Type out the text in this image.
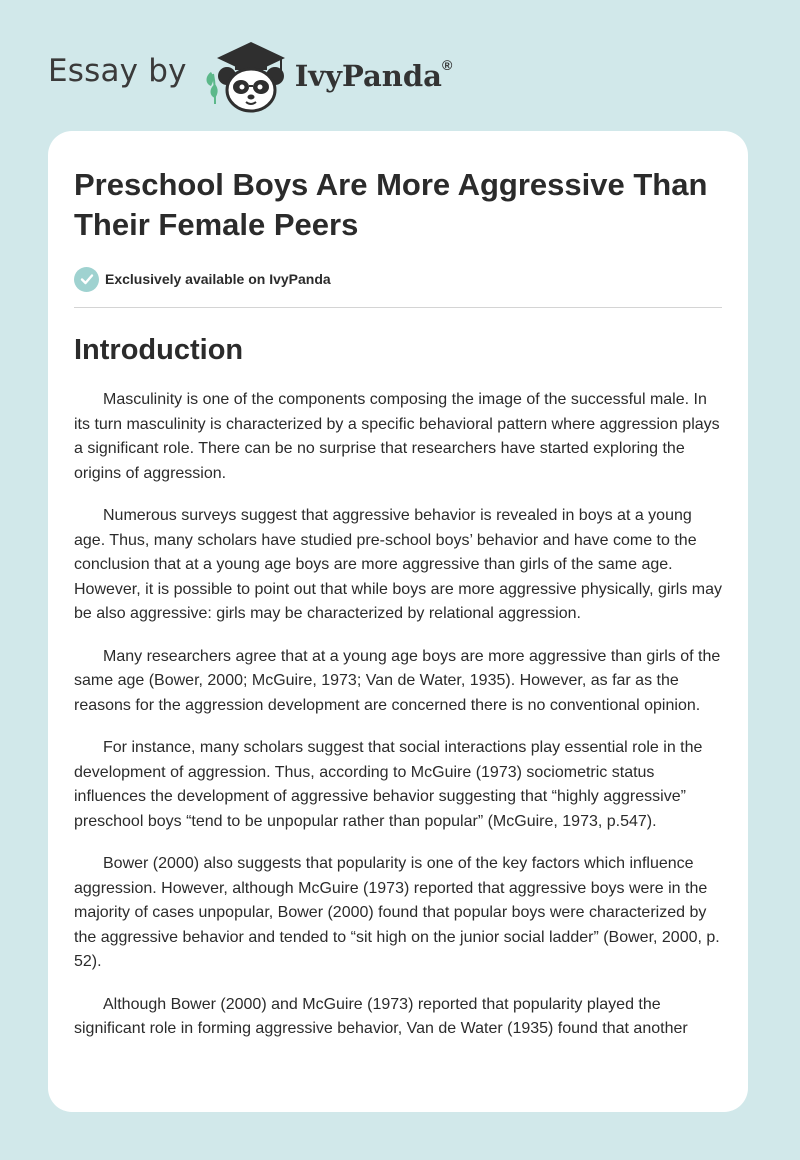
Essay by	IvyPanda®
Preschool Boys Are More Aggressive Than Their Female Peers
Exclusively available on IvyPanda
Introduction

Masculinity is one of the components composing the image of the successful male. In its turn masculinity is characterized by a specific behavioral pattern where aggression plays a significant role. There can be no surprise that researchers have started exploring the origins of aggression.

Numerous surveys suggest that aggressive behavior is revealed in boys at a young age. Thus, many scholars have studied pre-school boys’ behavior and have come to the conclusion that at a young age boys are more aggressive than girls of the same age. However, it is possible to point out that while boys are more aggressive physically, girls may be also aggressive: girls may be characterized by relational aggression.

Many researchers agree that at a young age boys are more aggressive than girls of the same age (Bower, 2000; McGuire, 1973; Van de Water, 1935). However, as far as the reasons for the aggression development are concerned there is no conventional opinion.

For instance, many scholars suggest that social interactions play essential role in the development of aggression. Thus, according to McGuire (1973) sociometric status influences the development of aggressive behavior suggesting that “highly aggressive” preschool boys “tend to be unpopular rather than popular” (McGuire, 1973, p.547).

Bower (2000) also suggests that popularity is one of the key factors which influence aggression. However, although McGuire (1973) reported that aggressive boys were in the majority of cases unpopular, Bower (2000) found that popular boys were characterized by the aggressive behavior and tended to “sit high on the junior social ladder” (Bower, 2000, p. 52).

Although Bower (2000) and McGuire (1973) reported that popularity played the significant role in forming aggressive behavior, Van de Water (1935) found that another
